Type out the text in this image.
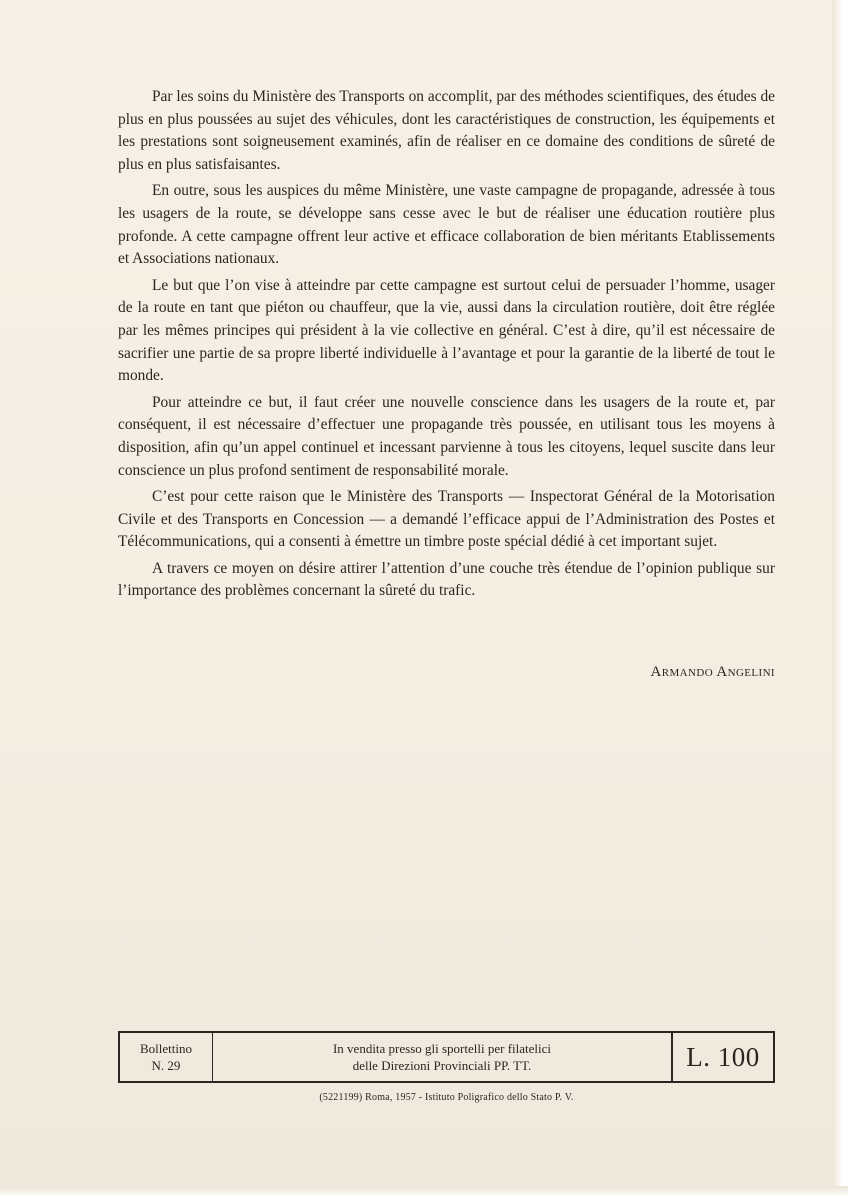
Par les soins du Ministère des Transports on accomplit, par des méthodes scientifiques, des études de plus en plus poussées au sujet des véhicules, dont les caractéristiques de construction, les équipements et les prestations sont soigneusement examinés, afin de réaliser en ce domaine des conditions de sûreté de plus en plus satisfaisantes.

En outre, sous les auspices du même Ministère, une vaste campagne de propagande, adressée à tous les usagers de la route, se développe sans cesse avec le but de réaliser une éducation routière plus profonde. A cette campagne offrent leur active et efficace collaboration de bien méritants Etablissements et Associations nationaux.

Le but que l’on vise à atteindre par cette campagne est surtout celui de persuader l’homme, usager de la route en tant que piéton ou chauffeur, que la vie, aussi dans la circulation routière, doit être réglée par les mêmes principes qui président à la vie collective en général. C’est à dire, qu’il est nécessaire de sacrifier une partie de sa propre liberté individuelle à l’avantage et pour la garantie de la liberté de tout le monde.

Pour atteindre ce but, il faut créer une nouvelle conscience dans les usagers de la route et, par conséquent, il est nécessaire d’effectuer une propagande très poussée, en utilisant tous les moyens à disposition, afin qu’un appel continuel et incessant parvienne à tous les citoyens, lequel suscite dans leur conscience un plus profond sentiment de responsabilité morale.

C’est pour cette raison que le Ministère des Transports — Inspectorat Général de la Motorisation Civile et des Transports en Concession — a demandé l’efficace appui de l’Administration des Postes et Télécommunications, qui a consenti à émettre un timbre poste spécial dédié à cet important sujet.

A travers ce moyen on désire attirer l’attention d’une couche très étendue de l’opinion publique sur l’importance des problèmes concernant la sûreté du trafic.

Armando Angelini
Bollettino
N. 29
In vendita presso gli sportelli per filatelici
delle Direzioni Provinciali PP. TT.	L. 100
(5221199) Roma, 1957 - Istituto Poligrafico dello Stato P. V.
